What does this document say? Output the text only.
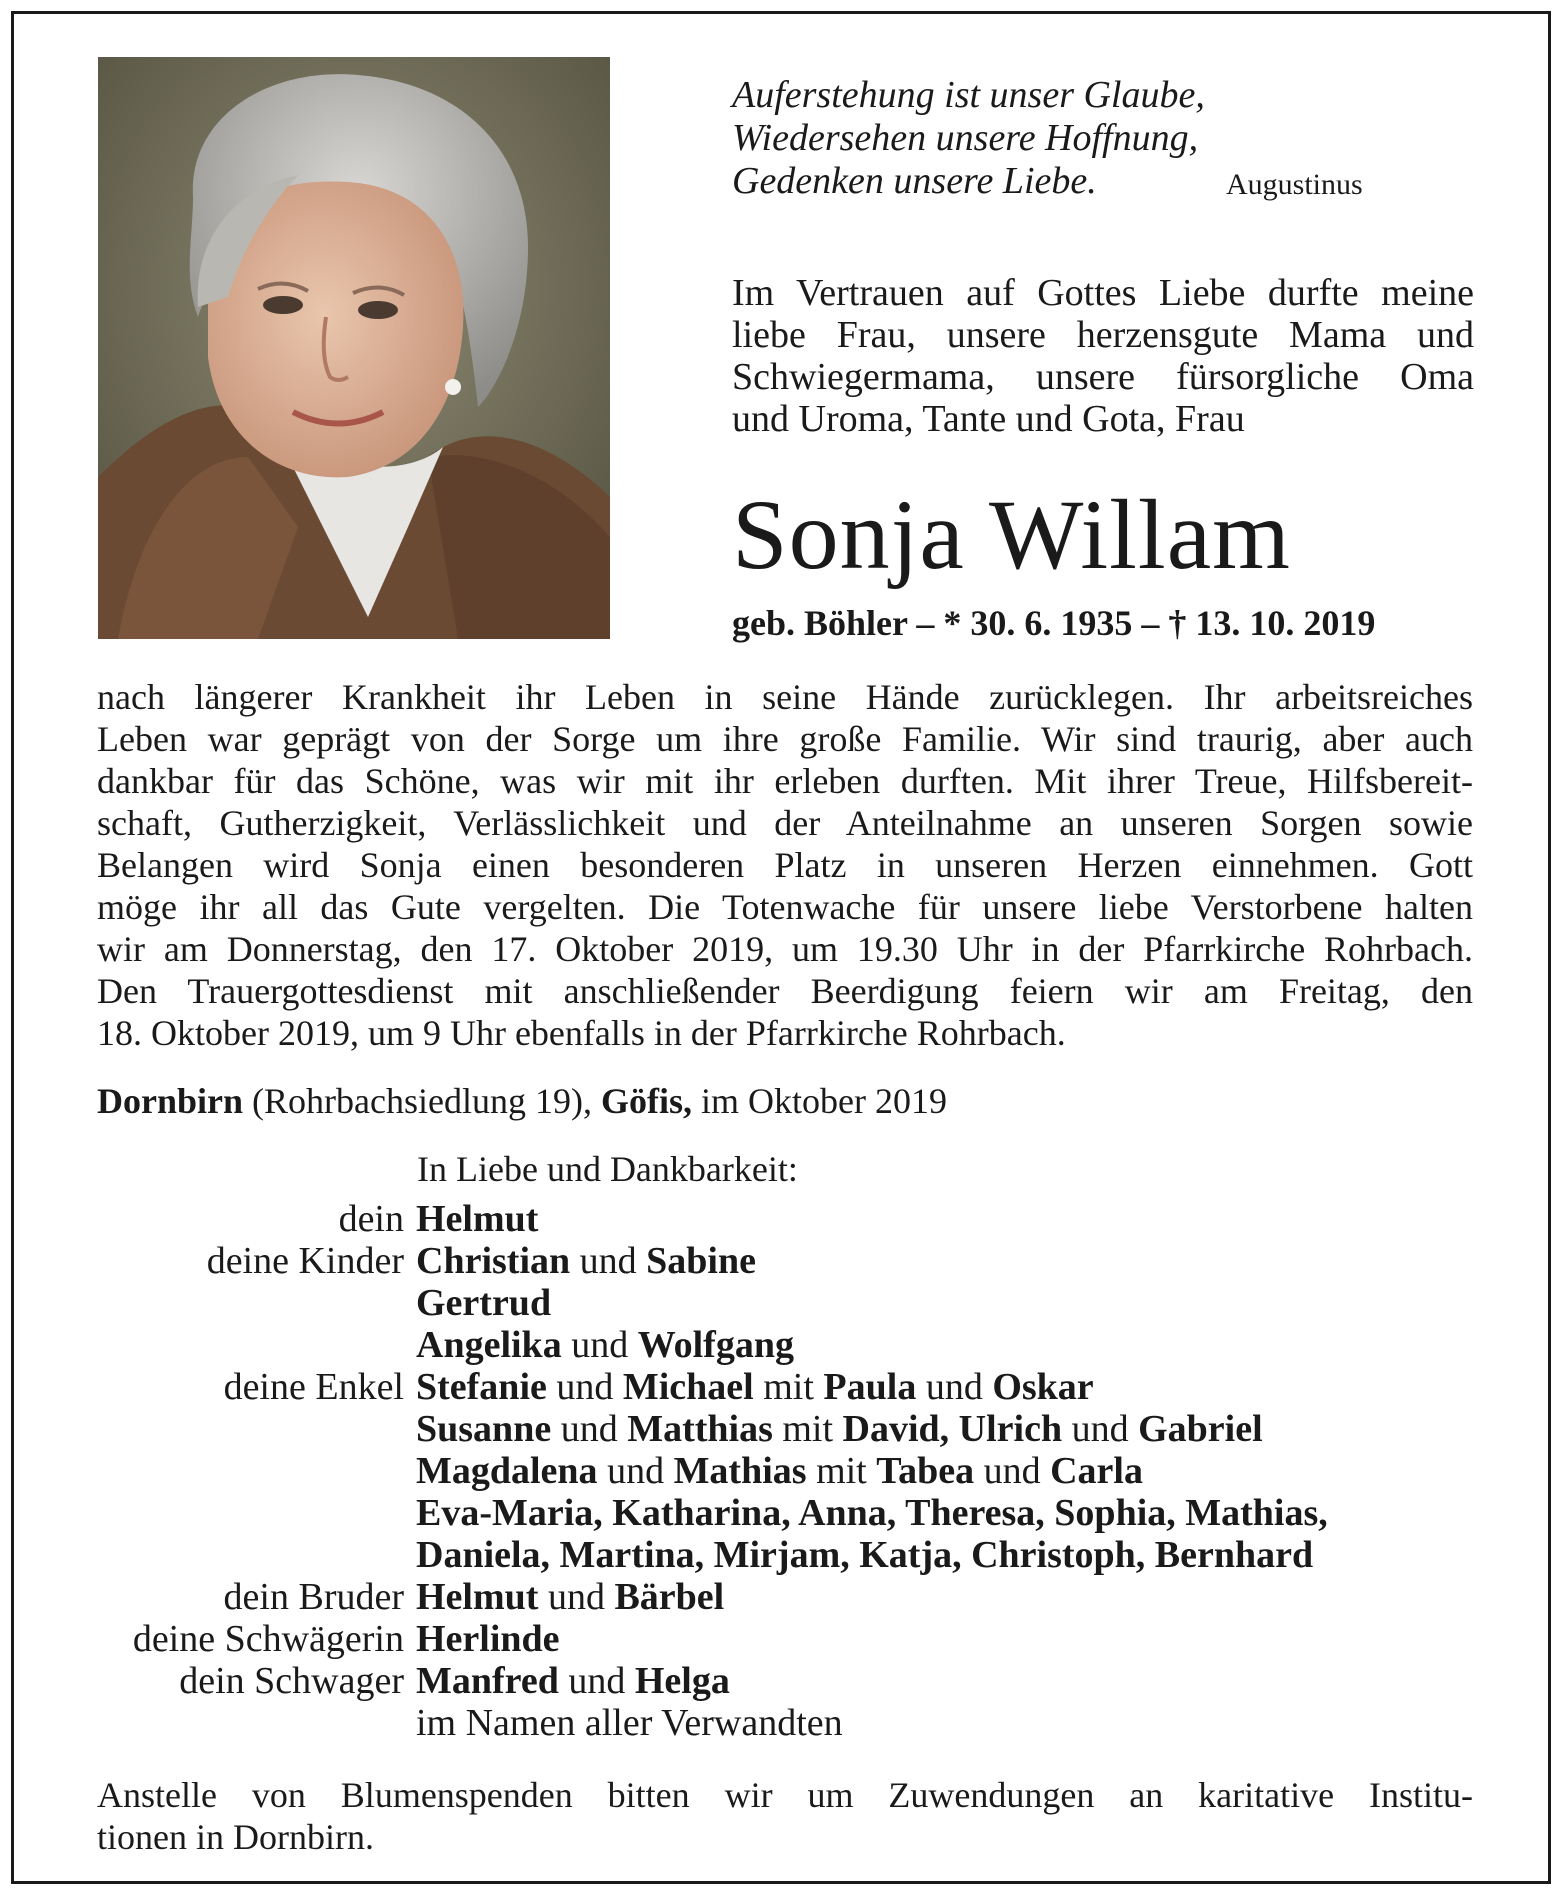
Auferstehung ist unser Glaube,
Wiedersehen unsere Hoffnung,
Gedenken unsere Liebe.	Augustinus
Im Vertrauen auf Gottes Liebe durfte meine
liebe Frau, unsere herzensgute Mama und
Schwiegermama, unsere fürsorgliche Oma
und Uroma, Tante und Gota, Frau
Sonja Willam
geb. Böhler – * 30. 6. 1935 – † 13. 10. 2019
nach längerer Krankheit ihr Leben in seine Hände zurücklegen. Ihr arbeitsreiches
Leben war geprägt von der Sorge um ihre große Familie. Wir sind traurig, aber auch
dankbar für das Schöne, was wir mit ihr erleben durften. Mit ihrer Treue, Hilfsbereit-
schaft, Gutherzigkeit, Verlässlichkeit und der Anteilnahme an unseren Sorgen sowie
Belangen wird Sonja einen besonderen Platz in unseren Herzen einnehmen. Gott
möge ihr all das Gute vergelten. Die Totenwache für unsere liebe Verstorbene halten
wir am Donnerstag, den 17. Oktober 2019, um 19.30 Uhr in der Pfarrkirche Rohrbach.
Den Trauergottesdienst mit anschließender Beerdigung feiern wir am Freitag, den
18. Oktober 2019, um 9 Uhr ebenfalls in der Pfarrkirche Rohrbach.
Dornbirn (Rohrbachsiedlung 19), Göfis, im Oktober 2019
In Liebe und Dankbarkeit:
dein Helmut
deine Kinder Christian und Sabine
Gertrud
Angelika und Wolfgang
deine Enkel Stefanie und Michael mit Paula und Oskar
Susanne und Matthias mit David, Ulrich und Gabriel
Magdalena und Mathias mit Tabea und Carla
Eva-Maria, Katharina, Anna, Theresa, Sophia, Mathias,
Daniela, Martina, Mirjam, Katja, Christoph, Bernhard
dein Bruder Helmut und Bärbel
deine Schwägerin Herlinde
dein Schwager Manfred und Helga
im Namen aller Verwandten
Anstelle von Blumenspenden bitten wir um Zuwendungen an karitative Institu-
tionen in Dornbirn.
